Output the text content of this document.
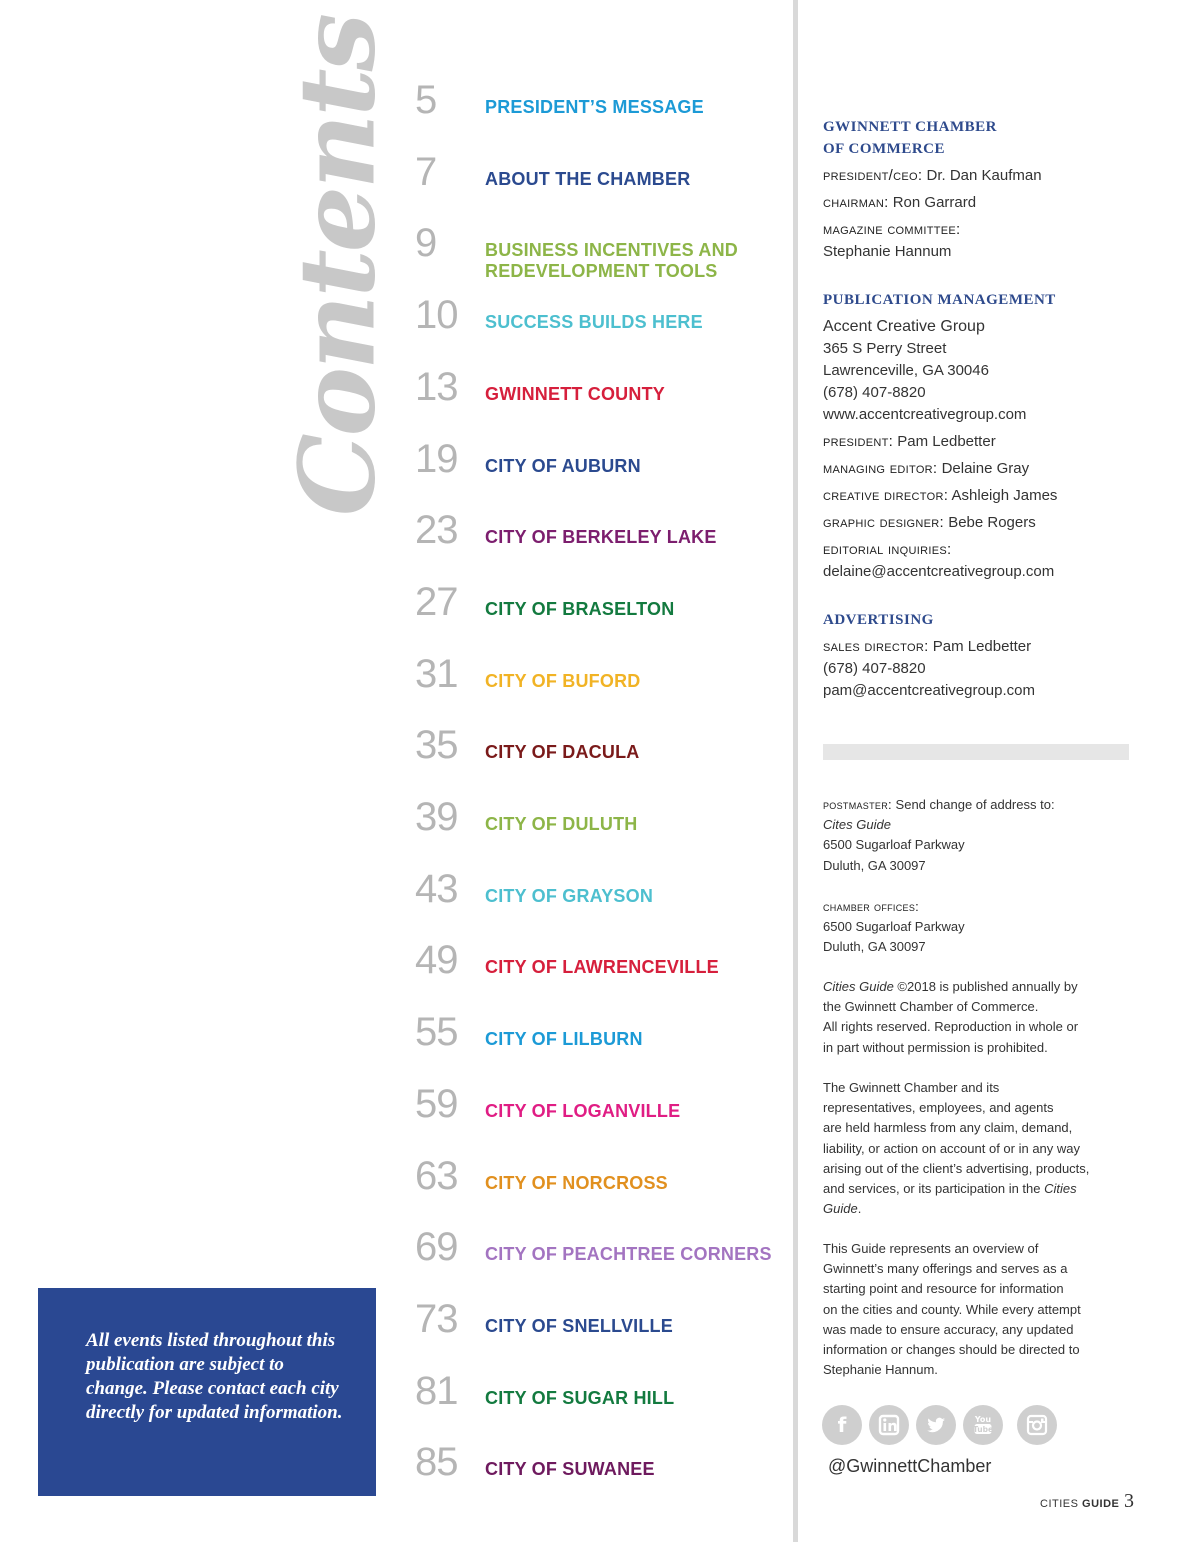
Contents 5	PRESIDENT’S MESSAGE
7	ABOUT THE CHAMBER
9	BUSINESS INCENTIVES AND REDEVELOPMENT TOOLS
10	SUCCESS BUILDS HERE
13	GWINNETT COUNTY
19	CITY OF AUBURN
23	CITY OF BERKELEY LAKE
27	CITY OF BRASELTON
31	CITY OF BUFORD
35	CITY OF DACULA
39	CITY OF DULUTH
43	CITY OF GRAYSON
49	CITY OF LAWRENCEVILLE
55	CITY OF LILBURN
59	CITY OF LOGANVILLE
63	CITY OF NORCROSS
69	CITY OF PEACHTREE CORNERS
73	CITY OF SNELLVILLE
81	CITY OF SUGAR HILL
85	CITY OF SUWANEE

All events listed throughout this publication are subject to change. Please contact each city directly for updated information.

GWINNETT CHAMBER
OF COMMERCE
president/ceo: Dr. Dan Kaufman
chairman: Ron Garrard
magazine committee:
Stephanie Hannum
PUBLICATION MANAGEMENT
Accent Creative Group
365 S Perry Street
Lawrenceville, GA 30046
(678) 407-8820
www.accentcreativegroup.com
president: Pam Ledbetter
managing editor: Delaine Gray
creative director: Ashleigh James
graphic designer: Bebe Rogers
editorial inquiries:
delaine@accentcreativegroup.com
ADVERTISING
sales director: Pam Ledbetter
(678) 407-8820
pam@accentcreativegroup.com
postmaster: Send change of address to:
Cites Guide
6500 Sugarloaf Parkway
Duluth, GA 30097
chamber offices:
6500 Sugarloaf Parkway
Duluth, GA 30097
Cities Guide ©2018 is published annually by
the Gwinnett Chamber of Commerce.
All rights reserved. Reproduction in whole or
in part without permission is prohibited.
The Gwinnett Chamber and its
representatives, employees, and agents
are held harmless from any claim, demand,
liability, or action on account of or in any way
arising out of the client’s advertising, products,
and services, or its participation in the Cities
Guide.
This Guide represents an overview of
Gwinnett’s many offerings and serves as a
starting point and resource for information
on the cities and county. While every attempt
was made to ensure accuracy, any updated
information or changes should be directed to
Stephanie Hannum.
f	You
Tube
@GwinnettChamber
CITIES GUIDE 3
